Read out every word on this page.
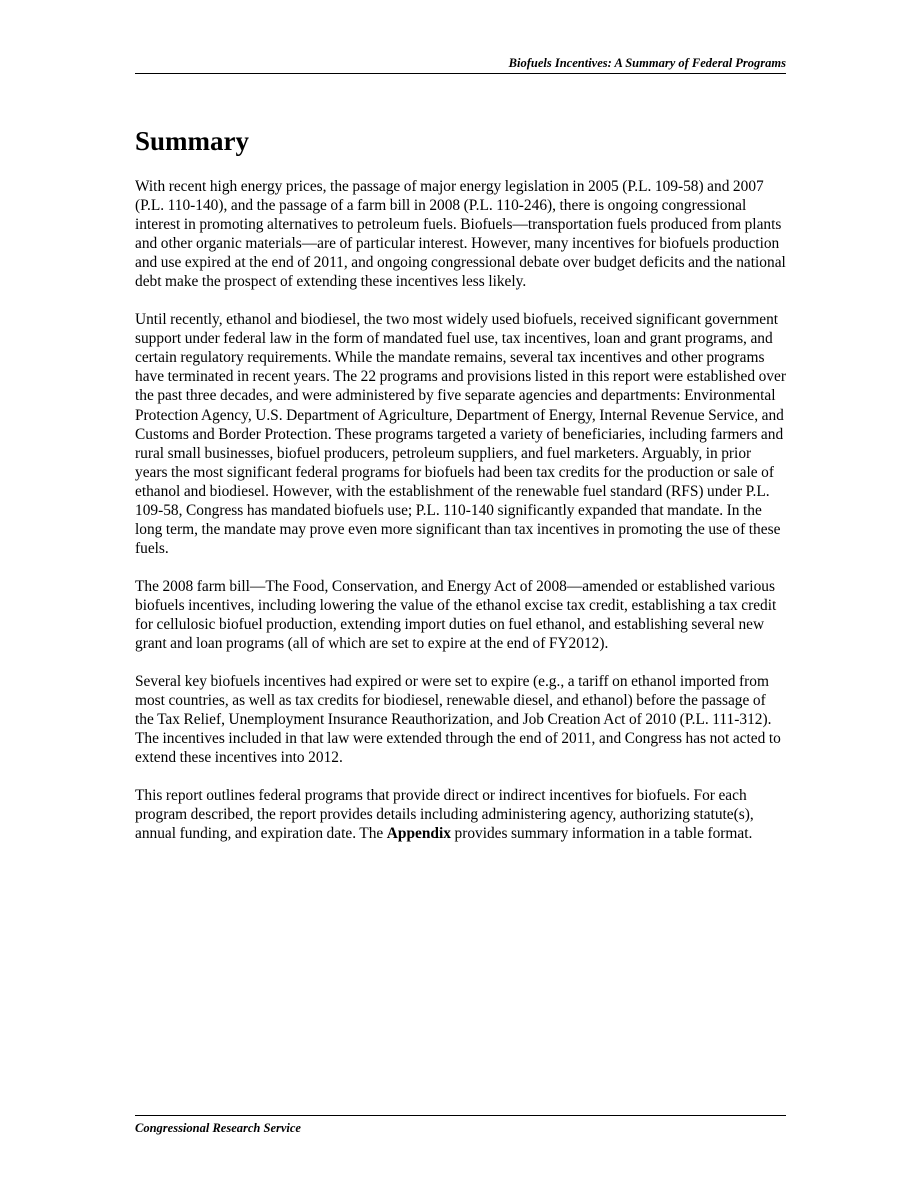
Biofuels Incentives: A Summary of Federal Programs
Summary

With recent high energy prices, the passage of major energy legislation in 2005 (P.L. 109-58) and 2007 (P.L. 110-140), and the passage of a farm bill in 2008 (P.L. 110-246), there is ongoing congressional interest in promoting alternatives to petroleum fuels. Biofuels—transportation fuels produced from plants and other organic materials—are of particular interest. However, many incentives for biofuels production and use expired at the end of 2011, and ongoing congressional debate over budget deficits and the national debt make the prospect of extending these incentives less likely.

Until recently, ethanol and biodiesel, the two most widely used biofuels, received significant government support under federal law in the form of mandated fuel use, tax incentives, loan and grant programs, and certain regulatory requirements. While the mandate remains, several tax incentives and other programs have terminated in recent years. The 22 programs and provisions listed in this report were established over the past three decades, and were administered by five separate agencies and departments: Environmental Protection Agency, U.S. Department of Agriculture, Department of Energy, Internal Revenue Service, and Customs and Border Protection. These programs targeted a variety of beneficiaries, including farmers and rural small businesses, biofuel producers, petroleum suppliers, and fuel marketers. Arguably, in prior years the most significant federal programs for biofuels had been tax credits for the production or sale of ethanol and biodiesel. However, with the establishment of the renewable fuel standard (RFS) under P.L. 109-58, Congress has mandated biofuels use; P.L. 110-140 significantly expanded that mandate. In the long term, the mandate may prove even more significant than tax incentives in promoting the use of these fuels.

The 2008 farm bill—The Food, Conservation, and Energy Act of 2008—amended or established various biofuels incentives, including lowering the value of the ethanol excise tax credit, establishing a tax credit for cellulosic biofuel production, extending import duties on fuel ethanol, and establishing several new grant and loan programs (all of which are set to expire at the end of FY2012).

Several key biofuels incentives had expired or were set to expire (e.g., a tariff on ethanol imported from most countries, as well as tax credits for biodiesel, renewable diesel, and ethanol) before the passage of the Tax Relief, Unemployment Insurance Reauthorization, and Job Creation Act of 2010 (P.L. 111-312). The incentives included in that law were extended through the end of 2011, and Congress has not acted to extend these incentives into 2012.

This report outlines federal programs that provide direct or indirect incentives for biofuels. For each program described, the report provides details including administering agency, authorizing statute(s), annual funding, and expiration date. The Appendix provides summary information in a table format.

Congressional Research Service
